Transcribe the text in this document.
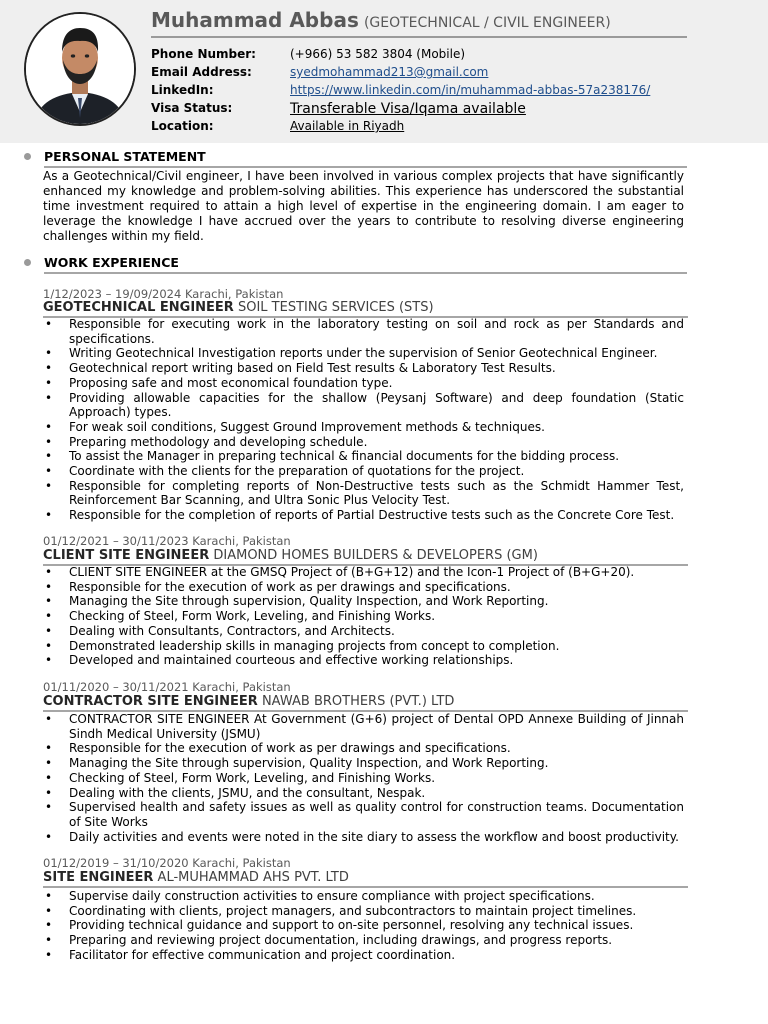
Muhammad Abbas (GEOTECHNICAL / CIVIL ENGINEER)
Phone Number:	(+966) 53 582 3804 (Mobile)
Email Address:	syedmohammad213@gmail.com
LinkedIn:	https://www.linkedin.com/in/muhammad-abbas-57a238176/
Visa Status:	Transferable Visa/Iqama available
Location:	Available in Riyadh
PERSONAL STATEMENT
As a Geotechnical/Civil engineer, I have been involved in various complex projects that have significantly enhanced my knowledge and problem-solving abilities. This experience has underscored the substantial time investment required to attain a high level of expertise in the engineering domain. I am eager to leverage the knowledge I have accrued over the years to contribute to resolving diverse engineering challenges within my field.
WORK EXPERIENCE
1/12/2023 – 19/09/2024 Karachi, Pakistan
GEOTECHNICAL ENGINEER SOIL TESTING SERVICES (STS)
• Responsible for executing work in the laboratory testing on soil and rock as per Standards and specifications.
• Writing Geotechnical Investigation reports under the supervision of Senior Geotechnical Engineer.
• Geotechnical report writing based on Field Test results & Laboratory Test Results.
• Proposing safe and most economical foundation type.
• Providing allowable capacities for the shallow (Peysanj Software) and deep foundation (Static Approach) types.
• For weak soil conditions, Suggest Ground Improvement methods & techniques.
• Preparing methodology and developing schedule.
• To assist the Manager in preparing technical & financial documents for the bidding process.
• Coordinate with the clients for the preparation of quotations for the project.
• Responsible for completing reports of Non-Destructive tests such as the Schmidt Hammer Test, Reinforcement Bar Scanning, and Ultra Sonic Plus Velocity Test.
• Responsible for the completion of reports of Partial Destructive tests such as the Concrete Core Test.
01/12/2021 – 30/11/2023 Karachi, Pakistan
CLIENT SITE ENGINEER DIAMOND HOMES BUILDERS & DEVELOPERS (GM)
• CLIENT SITE ENGINEER at the GMSQ Project of (B+G+12) and the Icon-1 Project of (B+G+20).
• Responsible for the execution of work as per drawings and specifications.
• Managing the Site through supervision, Quality Inspection, and Work Reporting.
• Checking of Steel, Form Work, Leveling, and Finishing Works.
• Dealing with Consultants, Contractors, and Architects.
• Demonstrated leadership skills in managing projects from concept to completion.
• Developed and maintained courteous and effective working relationships.
01/11/2020 – 30/11/2021 Karachi, Pakistan
CONTRACTOR SITE ENGINEER NAWAB BROTHERS (PVT.) LTD
• CONTRACTOR SITE ENGINEER At Government (G+6) project of Dental OPD Annexe Building of Jinnah Sindh Medical University (JSMU)
• Responsible for the execution of work as per drawings and specifications.
• Managing the Site through supervision, Quality Inspection, and Work Reporting.
• Checking of Steel, Form Work, Leveling, and Finishing Works.
• Dealing with the clients, JSMU, and the consultant, Nespak.
• Supervised health and safety issues as well as quality control for construction teams. Documentation of Site Works
• Daily activities and events were noted in the site diary to assess the workflow and boost productivity.
01/12/2019 – 31/10/2020 Karachi, Pakistan
SITE ENGINEER AL-MUHAMMAD AHS PVT. LTD
• Supervise daily construction activities to ensure compliance with project specifications.
• Coordinating with clients, project managers, and subcontractors to maintain project timelines.
• Providing technical guidance and support to on-site personnel, resolving any technical issues.
• Preparing and reviewing project documentation, including drawings, and progress reports.
• Facilitator for effective communication and project coordination.
